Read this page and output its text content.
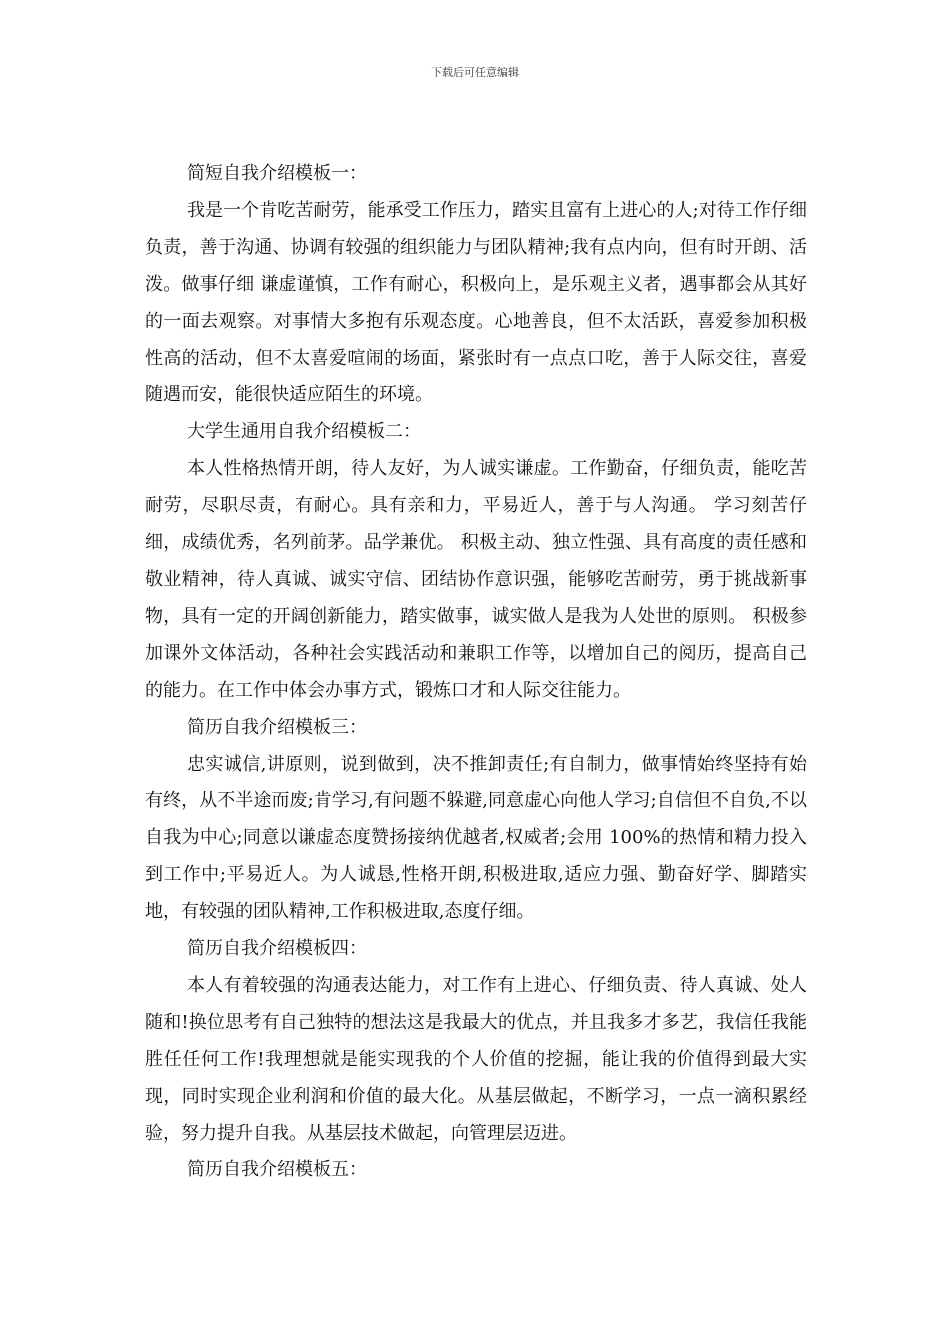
下载后可任意编辑

简短自我介绍模板一：

我是一个肯吃苦耐劳，能承受工作压力，踏实且富有上进心的人;对待工作仔细负责，善于沟通、协调有较强的组织能力与团队精神;我有点内向，但有时开朗、活泼。做事仔细 谦虚谨慎，工作有耐心，积极向上，是乐观主义者，遇事都会从其好的一面去观察。对事情大多抱有乐观态度。心地善良，但不太活跃，喜爱参加积极性高的活动，但不太喜爱喧闹的场面，紧张时有一点点口吃，善于人际交往，喜爱随遇而安，能很快适应陌生的环境。

大学生通用自我介绍模板二：

本人性格热情开朗，待人友好，为人诚实谦虚。工作勤奋，仔细负责，能吃苦耐劳，尽职尽责，有耐心。具有亲和力，平易近人，善于与人沟通。 学习刻苦仔细，成绩优秀，名列前茅。品学兼优。 积极主动、独立性强、具有高度的责任感和敬业精神，待人真诚、诚实守信、团结协作意识强，能够吃苦耐劳，勇于挑战新事物，具有一定的开阔创新能力，踏实做事，诚实做人是我为人处世的原则。 积极参加课外文体活动，各种社会实践活动和兼职工作等，以增加自己的阅历，提高自己的能力。在工作中体会办事方式，锻炼口才和人际交往能力。

简历自我介绍模板三：

忠实诚信,讲原则，说到做到，决不推卸责任;有自制力，做事情始终坚持有始有终，从不半途而废;肯学习,有问题不躲避,同意虚心向他人学习;自信但不自负,不以自我为中心;同意以谦虚态度赞扬接纳优越者,权威者;会用 100%的热情和精力投入到工作中;平易近人。为人诚恳,性格开朗,积极进取,适应力强、勤奋好学、脚踏实地，有较强的团队精神,工作积极进取,态度仔细。

简历自我介绍模板四：

本人有着较强的沟通表达能力，对工作有上进心、仔细负责、待人真诚、处人随和!换位思考有自己独特的想法这是我最大的优点，并且我多才多艺，我信任我能胜任任何工作!我理想就是能实现我的个人价值的挖掘，能让我的价值得到最大实现，同时实现企业利润和价值的最大化。从基层做起，不断学习，一点一滴积累经验，努力提升自我。从基层技术做起，向管理层迈进。

简历自我介绍模板五：
